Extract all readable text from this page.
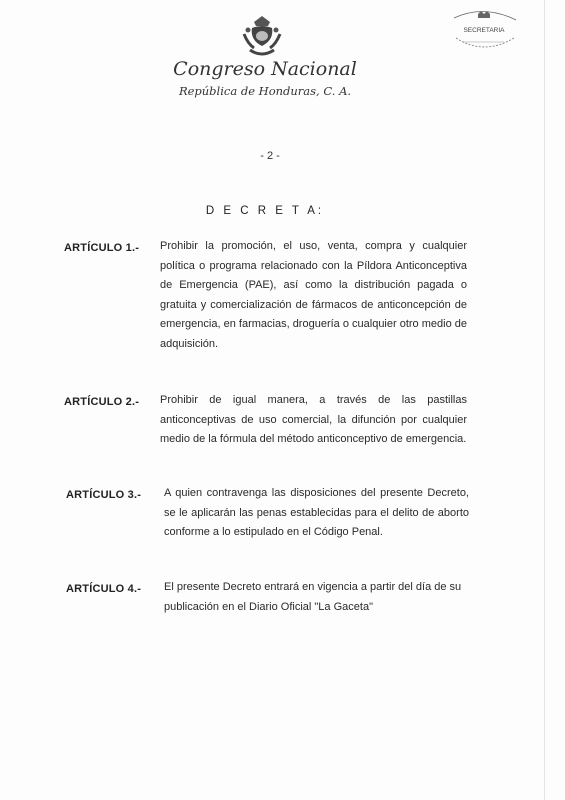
SECRETARIA
Congreso Nacional
República de Honduras, C. A.
- 2 -
D E C R E T A:
ARTÍCULO 1.- Prohibir la promoción, el uso, venta, compra y cualquier política o programa relacionado con la Píldora Anticonceptiva de Emergencia (PAE), así como la distribución pagada o gratuita y comercialización de fármacos de anticoncepción de emergencia, en farmacias, droguería o cualquier otro medio de adquisición.
ARTÍCULO 2.- Prohibir de igual manera, a través de las pastillas anticonceptivas de uso comercial, la difunción por cualquier medio de la fórmula del método anticonceptivo de emergencia.
ARTÍCULO 3.- A quien contravenga las disposiciones del presente Decreto, se le aplicarán las penas establecidas para el delito de aborto conforme a lo estipulado en el Código Penal.
ARTÍCULO 4.- El presente Decreto entrará en vigencia a partir del día de su publicación en el Diario Oficial "La Gaceta"
